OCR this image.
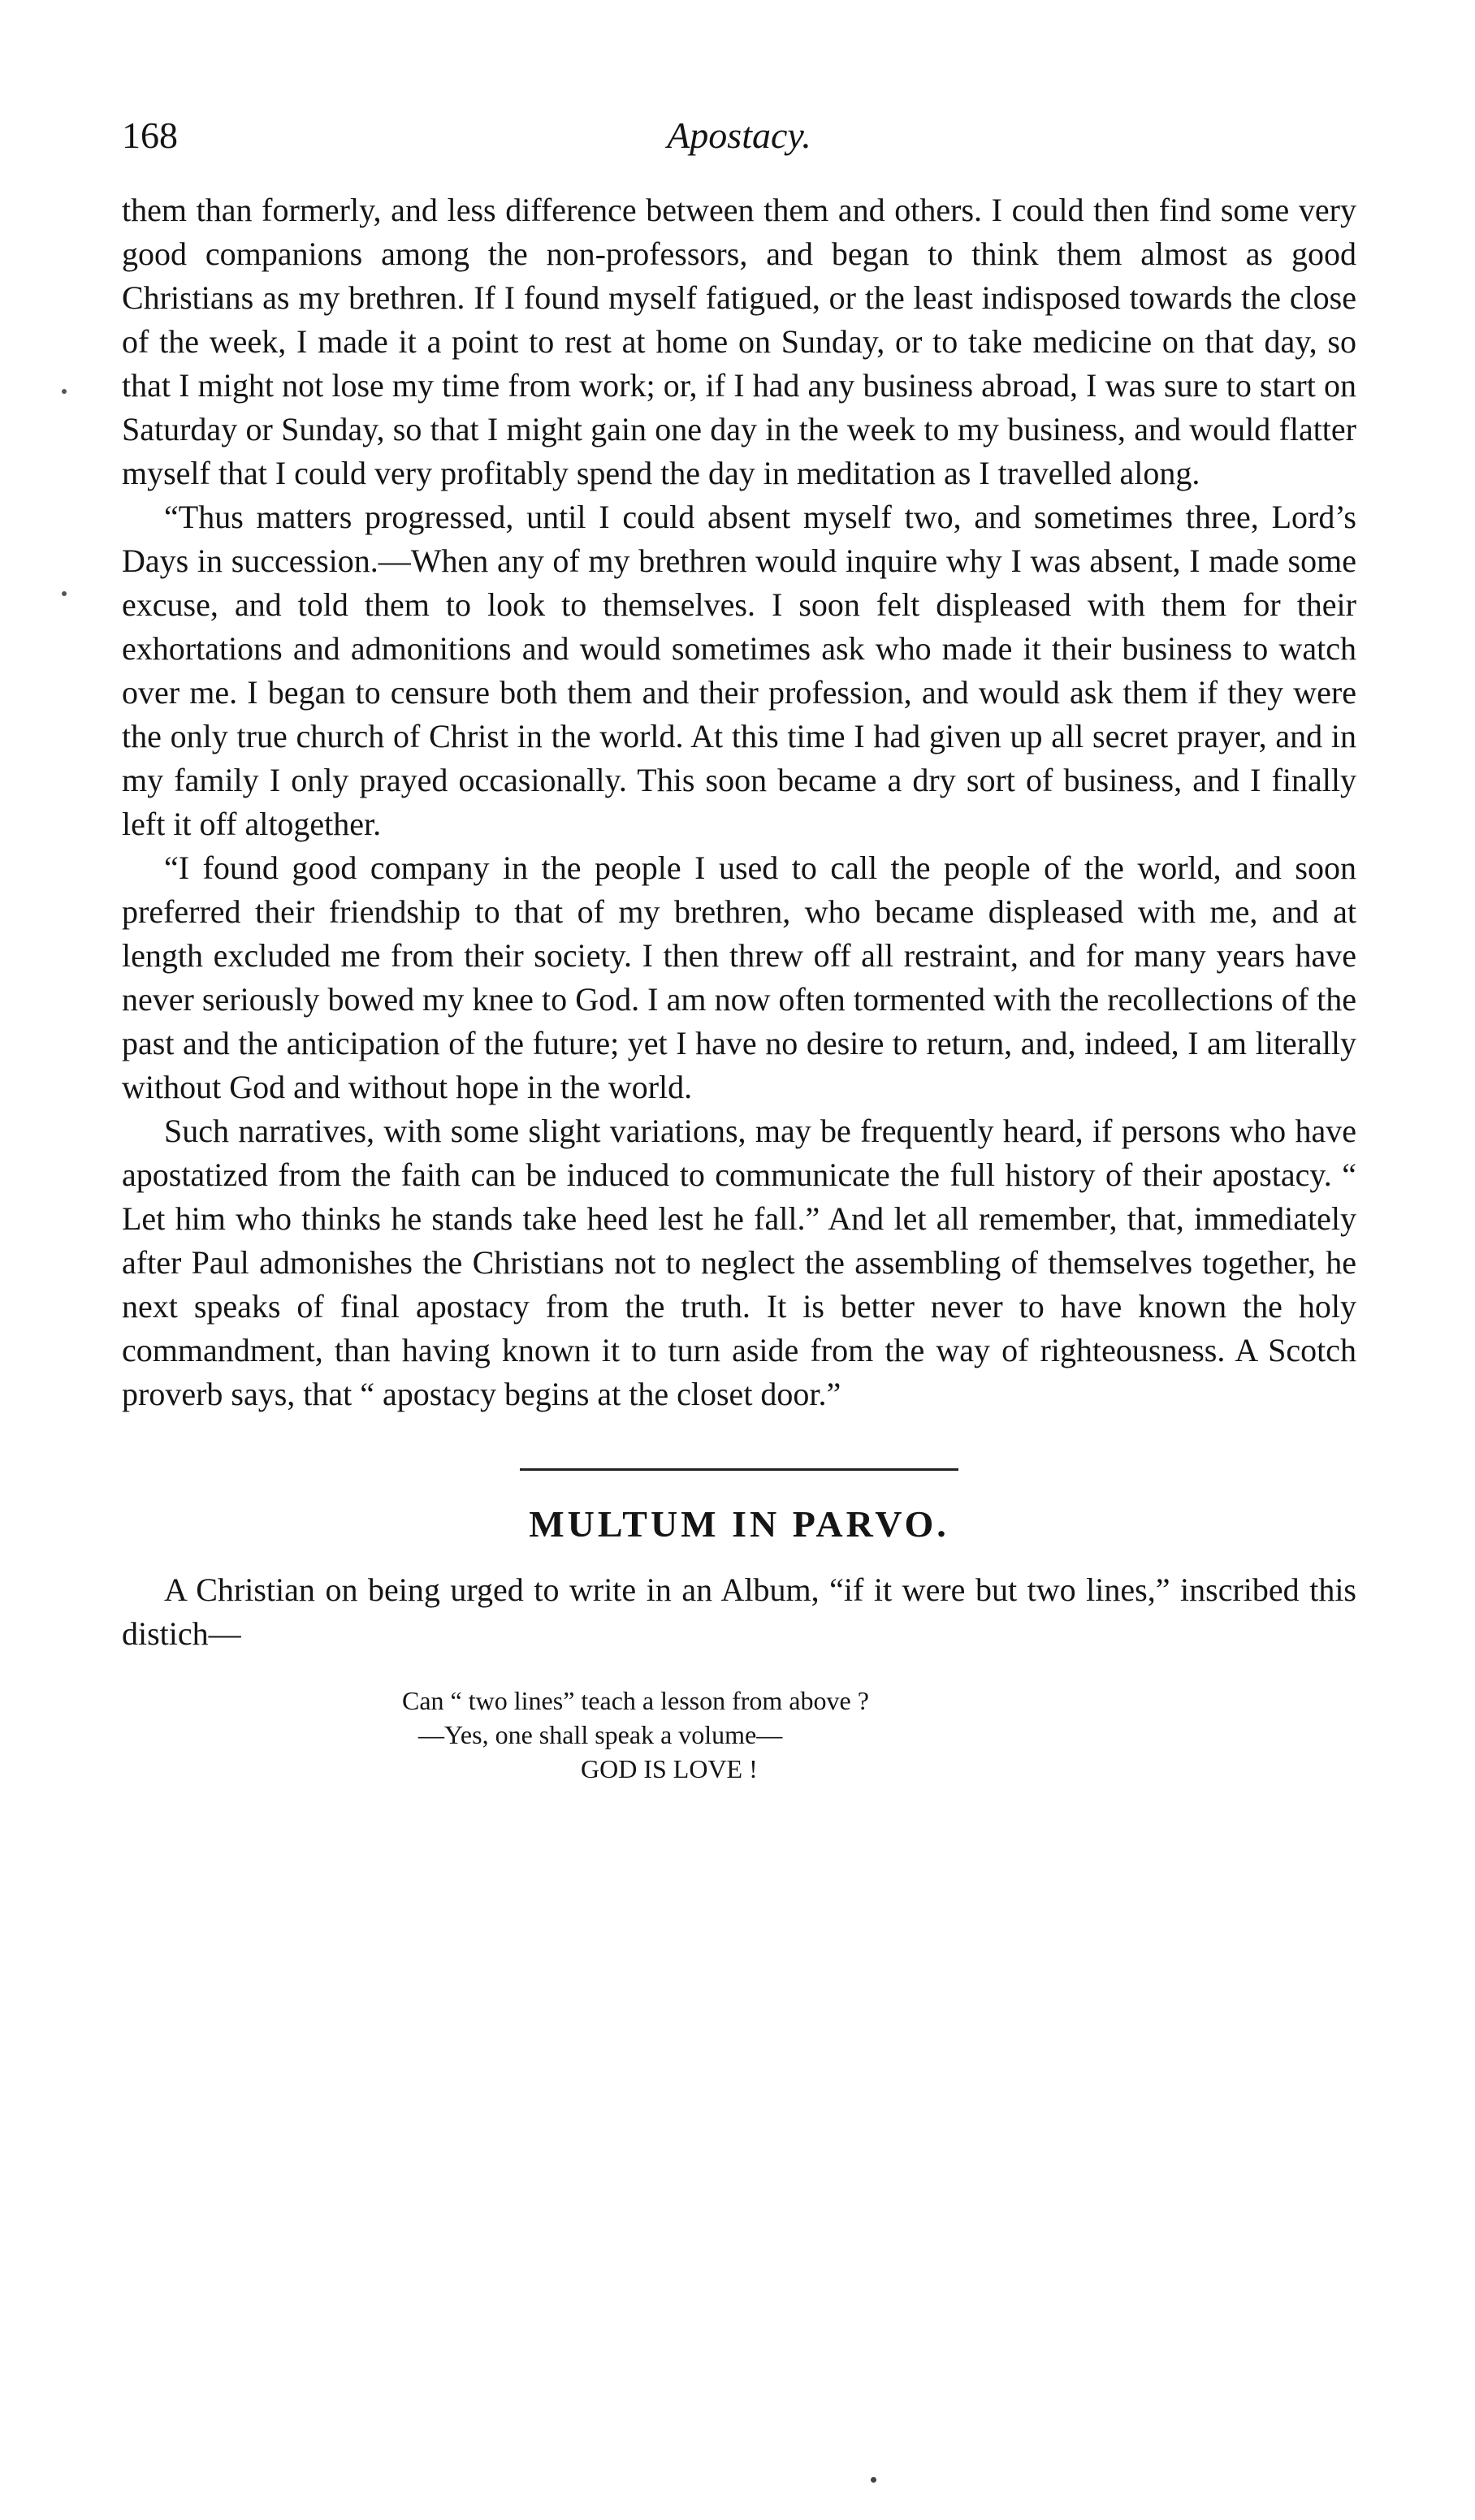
168	Apostacy.

them than formerly, and less difference between them and others. I could then find some very good companions among the non-professors, and began to think them almost as good Christians as my brethren. If I found myself fatigued, or the least indisposed towards the close of the week, I made it a point to rest at home on Sunday, or to take medicine on that day, so that I might not lose my time from work; or, if I had any business abroad, I was sure to start on Saturday or Sunday, so that I might gain one day in the week to my business, and would flatter myself that I could very profitably spend the day in meditation as I travelled along.

“Thus matters progressed, until I could absent myself two, and sometimes three, Lord’s Days in succession.—When any of my brethren would inquire why I was absent, I made some excuse, and told them to look to themselves. I soon felt displeased with them for their exhortations and admonitions and would sometimes ask who made it their business to watch over me. I began to censure both them and their profession, and would ask them if they were the only true church of Christ in the world. At this time I had given up all secret prayer, and in my family I only prayed occasionally. This soon became a dry sort of business, and I finally left it off altogether.

“I found good company in the people I used to call the people of the world, and soon preferred their friendship to that of my brethren, who became displeased with me, and at length excluded me from their society. I then threw off all restraint, and for many years have never seriously bowed my knee to God. I am now often tormented with the recollections of the past and the anticipation of the future; yet I have no desire to return, and, indeed, I am literally without God and without hope in the world.

Such narratives, with some slight variations, may be frequently heard, if persons who have apostatized from the faith can be induced to communicate the full history of their apostacy. “ Let him who thinks he stands take heed lest he fall.” And let all remember, that, immediately after Paul admonishes the Christians not to neglect the assembling of themselves together, he next speaks of final apostacy from the truth. It is better never to have known the holy commandment, than having known it to turn aside from the way of righteousness. A Scotch proverb says, that “ apostacy begins at the closet door.”

MULTUM IN PARVO.

A Christian on being urged to write in an Album, “if it were but two lines,” inscribed this distich—

Can “ two lines” teach a lesson from above ?
—Yes, one shall speak a volume—
GOD IS LOVE !
